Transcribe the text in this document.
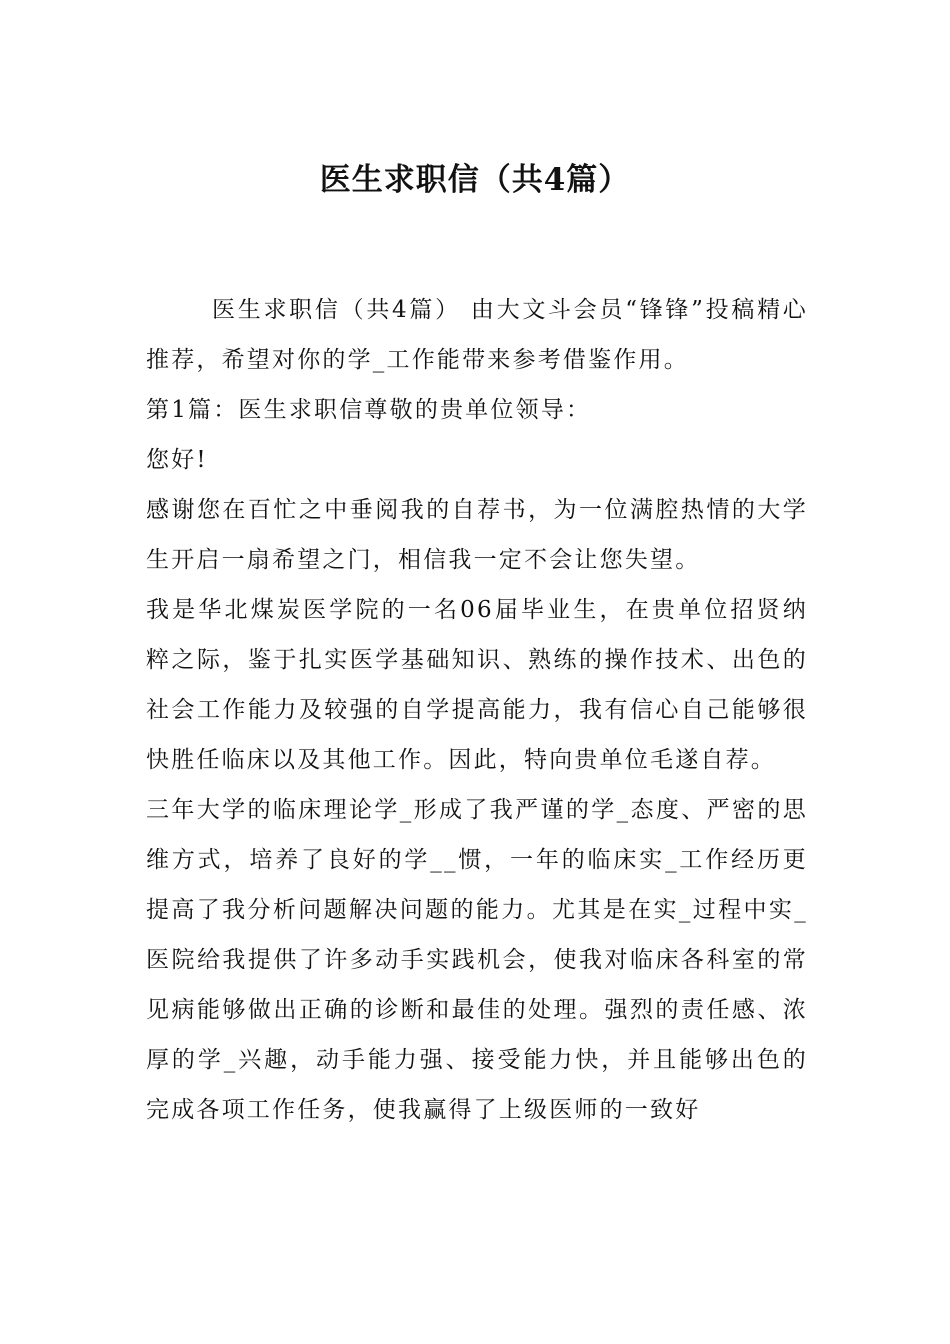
医生求职信（共4篇）

医生求职信（共4篇） 由大文斗会员“锋锋”投稿精心推荐，希望对你的学_工作能带来参考借鉴作用。

第1篇：医生求职信尊敬的贵单位领导：

您好!

感谢您在百忙之中垂阅我的自荐书，为一位满腔热情的大学生开启一扇希望之门，相信我一定不会让您失望。

我是华北煤炭医学院的一名06届毕业生，在贵单位招贤纳粹之际，鉴于扎实医学基础知识、熟练的操作技术、出色的社会工作能力及较强的自学提高能力，我有信心自己能够很快胜任临床以及其他工作。因此，特向贵单位毛遂自荐。

三年大学的临床理论学_形成了我严谨的学_态度、严密的思维方式，培养了良好的学__惯，一年的临床实_工作经历更提高了我分析问题解决问题的能力。尤其是在实_过程中实_医院给我提供了许多动手实践机会，使我对临床各科室的常见病能够做出正确的诊断和最佳的处理。强烈的责任感、浓厚的学_兴趣，动手能力强、接受能力快，并且能够出色的完成各项工作任务，使我赢得了上级医师的一致好
